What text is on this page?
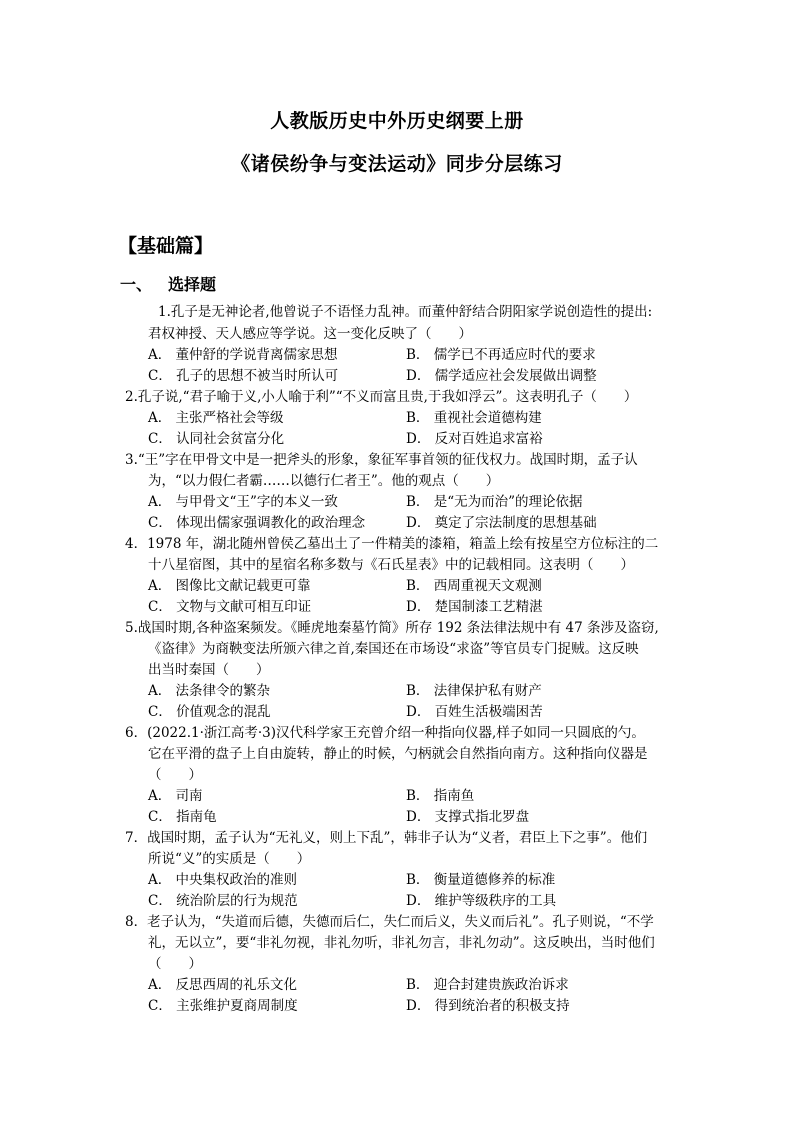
人教版历史中外历史纲要上册
《诸侯纷争与变法运动》同步分层练习
【基础篇】
一、 选择题
1.孔子是无神论者,他曾说子不语怪力乱神。而董仲舒结合阴阳家学说创造性的提出:
君权神授、天人感应等学说。这一变化反映了（　　）
A． 董仲舒的学说背离儒家思想	B． 儒学已不再适应时代的要求
C． 孔子的思想不被当时所认可	D． 儒学适应社会发展做出调整
2.孔子说,“君子喻于义,小人喻于利”“不义而富且贵,于我如浮云”。这表明孔子（　　）
A． 主张严格社会等级	B． 重视社会道德构建
C． 认同社会贫富分化	D． 反对百姓追求富裕
3.“王”字在甲骨文中是一把斧头的形象，象征军事首领的征伐权力。战国时期，孟子认
为，“以力假仁者霸……以德行仁者王”。他的观点（　　）
A． 与甲骨文“王”字的本义一致	B． 是“无为而治”的理论依据
C． 体现出儒家强调教化的政治理念	D． 奠定了宗法制度的思想基础
4．1978 年，湖北随州曾侯乙墓出土了一件精美的漆箱，箱盖上绘有按星空方位标注的二
十八星宿图，其中的星宿名称多数与《石氏星表》中的记载相同。这表明（　　）
A． 图像比文献记载更可靠	B． 西周重视天文观测
C． 文物与文献可相互印证	D． 楚国制漆工艺精湛
5.战国时期,各种盗案频发。《睡虎地秦墓竹简》所存 192 条法律法规中有 47 条涉及盗窃,
《盗律》为商鞅变法所颁六律之首,秦国还在市场设“求盗”等官员专门捉贼。这反映
出当时秦国（　　）
A． 法条律令的繁杂	B． 法律保护私有财产
C． 价值观念的混乱	D． 百姓生活极端困苦
6．(2022.1·浙江高考·3)汉代科学家王充曾介绍一种指向仪器,样子如同一只圆底的勺。
它在平滑的盘子上自由旋转，静止的时候，勺柄就会自然指向南方。这种指向仪器是
（　　）
A． 司南	B． 指南鱼
C． 指南龟	D． 支撑式指北罗盘
7．战国时期，孟子认为“无礼义，则上下乱”，韩非子认为“义者，君臣上下之事”。他们
所说“义”的实质是（　　）
A． 中央集权政治的准则	B． 衡量道德修养的标准
C． 统治阶层的行为规范	D． 维护等级秩序的工具
8．老子认为，“失道而后德，失德而后仁，失仁而后义，失义而后礼”。孔子则说，“不学
礼，无以立”，要“非礼勿视，非礼勿听，非礼勿言，非礼勿动”。这反映出，当时他们
（　　）
A． 反思西周的礼乐文化	B． 迎合封建贵族政治诉求
C． 主张维护夏商周制度	D． 得到统治者的积极支持
